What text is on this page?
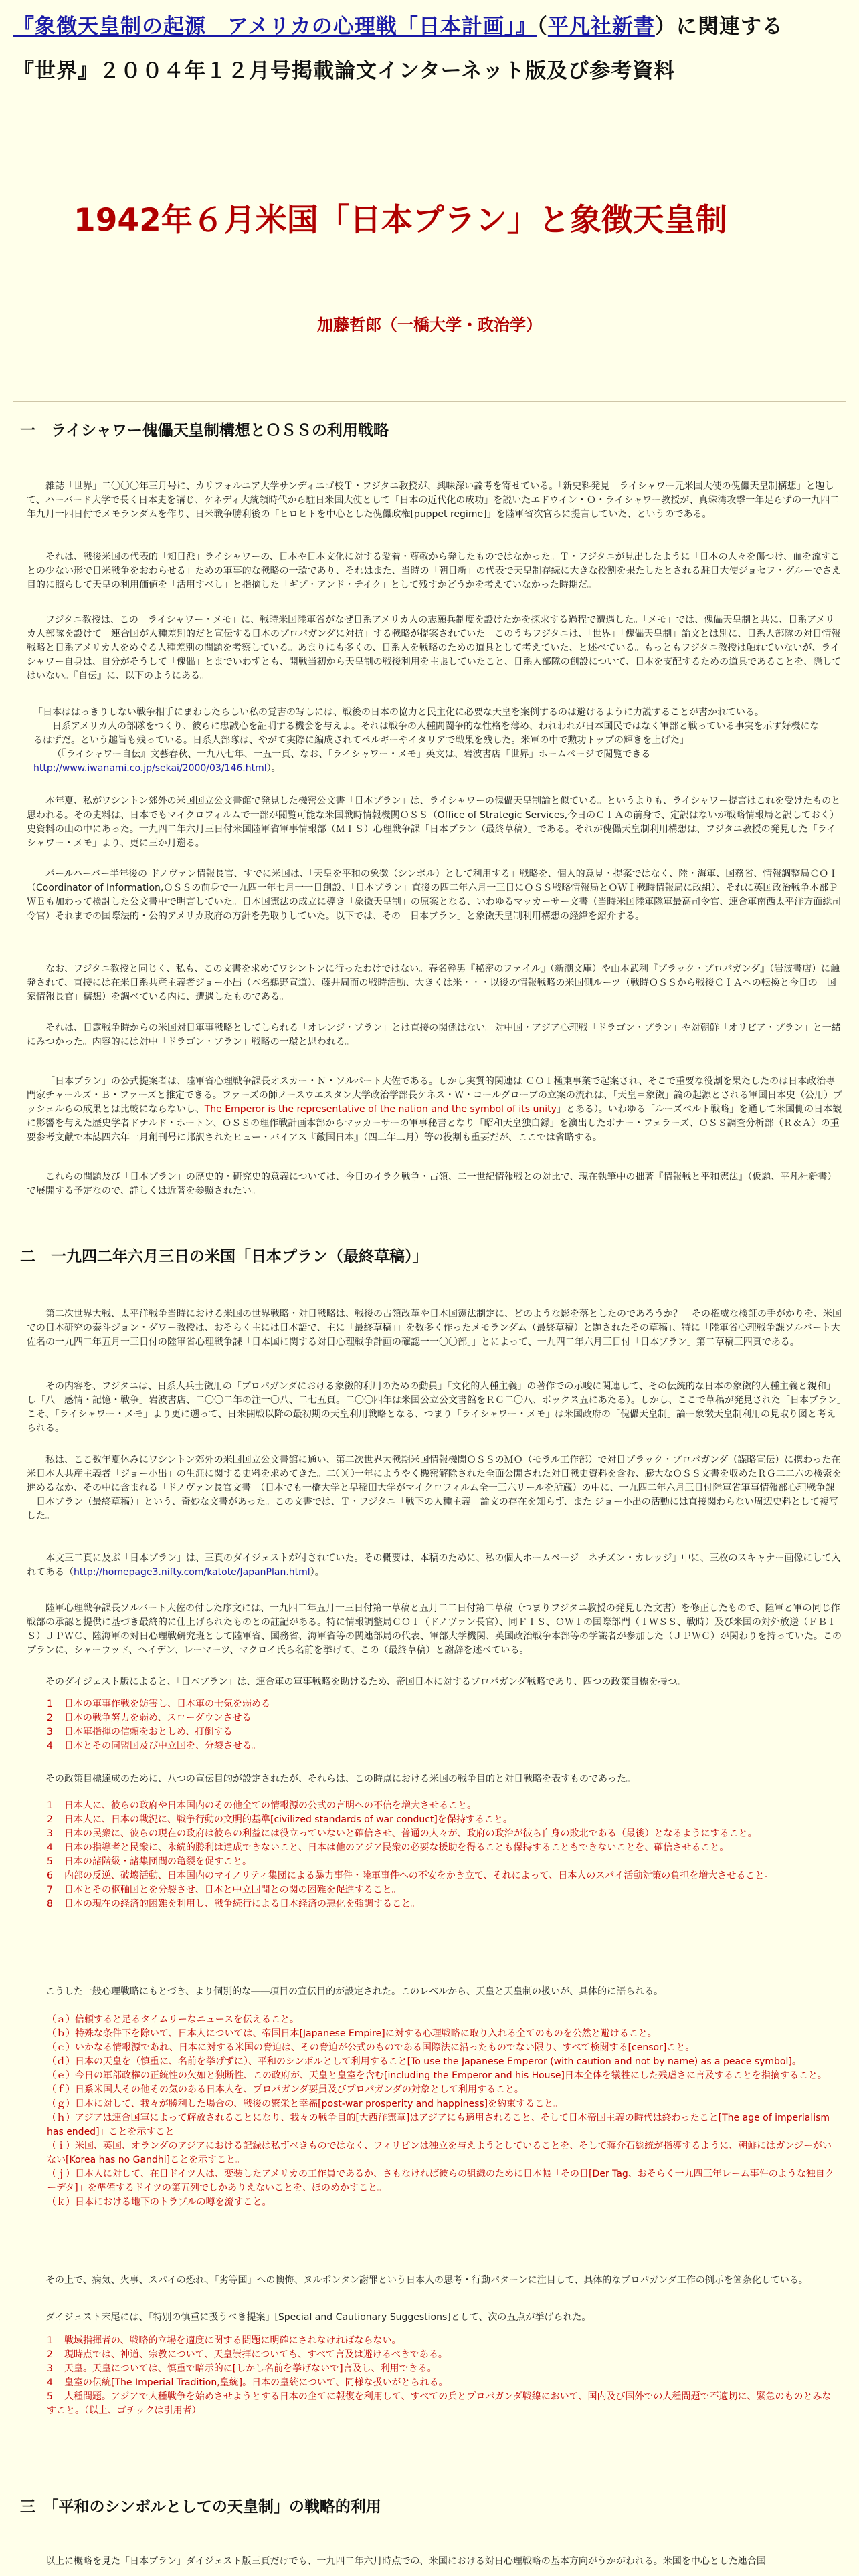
『象徴天皇制の起源　アメリカの心理戦「日本計画」』（平凡社新書）に関連する
『世界』２００４年１２月号掲載論文インターネット版及び参考資料
1942年６月米国「日本プラン」と象徴天皇制
加藤哲郎（一橋大学・政治学）
一　ライシャワー傀儡天皇制構想とＯＳＳの利用戦略
雑誌「世界」二〇〇〇年三月号に、カリフォルニア大学サンディエゴ校Ｔ・フジタニ教授が、興味深い論考を寄せている。「新史料発見　ライシャワー元米国大使の傀儡天皇制構想」と題して、ハーバード大学で長く日本史を講じ、ケネディ大統領時代から駐日米国大使として「日本の近代化の成功」を説いたエドウイン・Ｏ・ライシャワー教授が、真珠湾攻撃一年足らずの一九四二年九月一四日付でメモランダムを作り、日米戦争勝利後の「ヒロヒトを中心とした傀儡政権[puppet regime]」を陸軍省次官らに提言していた、というのである。
それは、戦後米国の代表的「知日派」ライシャワーの、日本や日本文化に対する愛着・尊敬から発したものではなかった。Ｔ・フジタニが見出したように「日本の人々を傷つけ、血を流すことの少ない形で日米戦争をおわらせる」ための軍事的な戦略の一環であり、それはまた、当時の「朝日新」の代表で天皇制存続に大きな役割を果たしたとされる駐日大使ジョセフ・グルーでさえ目的に照らして天皇の利用価値を「活用すべし」と指摘した「ギブ・アンド・テイク」として残すかどうかを考えていなかった時期だ。
フジタニ教授は、この「ライシャワー・メモ」に、戦時米国陸軍省がなぜ日系アメリカ人の志願兵制度を設けたかを探求する過程で遭遇した。「メモ」では、傀儡天皇制と共に、日系アメリカ人部隊を設けて「連合国が人種差別的だと宣伝する日本のプロパガンダに対抗」する戦略が提案されていた。このうちフジタニは、「世界」「傀儡天皇制」論文とは別に、日系人部隊の対日情報戦略と日系アメリカ人をめぐる人種差別の問題を考察している。あまりにも多くの、日系人を戦略のための道具として考えていた、と述べている。もっともフジタニ教授は触れていないが、ライシャワー自身は、自分がそうして「傀儡」とまでいわずとも、開戦当初から天皇制の戦後利用を主張していたこと、日系人部隊の創設について、日本を支配するための道具であることを、隠してはいない。『自伝』に、以下のようにある。
「日本ははっきりしない戦争相手にまわしたらしい私の覚書の写しには、戦後の日本の協力と民主化に必要な天皇を案例するのは避けるように力説することが書かれている。
日系アメリカ人の部隊をつくり、彼らに忠誠心を証明する機会を与えよ。それは戦争の人種間闘争的な性格を薄め、われわれが日本国民ではなく軍部と戦っている事実を示す好機になるはずだ。という趣旨も残っている。日系人部隊は、やがて実際に編成されてペルギーやイタリアで戦果を残した。米軍の中で勲功トップの輝きを上げた」
（『ライシャワー自伝』文藝春秋、一九八七年、一五一頁、なお、「ライシャワー・メモ」英文は、岩波書店「世界」ホームページで閲覧できるhttp://www.iwanami.co.jp/sekai/2000/03/146.html）。
本年夏、私がワシントン郊外の米国国立公文書館で発見した機密公文書「日本プラン」は、ライシャワーの傀儡天皇制論と似ている。というよりも、ライシャワー提言はこれを受けたものと思われる。その史料は、日本でもマイクロフィルムで一部が閲覧可能な米国戦時情報機関ＯＳＳ（Office of Strategic Services,今日のＣＩＡの前身で、定訳はないが戦略情報局と訳しておく）史資料の山の中にあった。一九四二年六月三日付米国陸軍省軍事情報部（ＭＩＳ）心理戦争課「日本プラン（最終草稿）」である。それが傀儡天皇制利用構想は、フジタニ教授の発見した「ライシャワー・メモ」より、更に三か月遡る。
パールハーバー半年後の ドノヴァン情報長官、すでに米国は、「天皇を平和の象徴（シンボル）として利用する」戦略を、個人的意見・提案ではなく、陸・海軍、国務省、情報調整局ＣＯＩ（Coordinator of Information,ＯＳＳの前身で一九四一年七月一一日創設、「日本プラン」直後の四二年六月一三日にＯＳＳ戦略情報局とＯＷＩ戦時情報局に改組）、それに英国政治戦争本部ＰＷＥも加わって検討した公文書中で明言していた。日本国憲法の成立に導き「象徴天皇制」の原案となる、いわゆるマッカーサー文書（当時米国陸軍隊軍最高司令官、連合軍南西太平洋方面総司令官）それまでの国際法的・公的アメリカ政府の方針を先取りしていた。以下では、その「日本プラン」と象徴天皇制利用構想の経緯を紹介する。
なお、フジタニ教授と同じく、私も、この文書を求めてワシントンに行ったわけではない。春名幹男『秘密のファイル』（新潮文庫）や山本武利『ブラック・プロパガンダ』（岩波書店）に触発されて、直接には在米日系共産主義者ジョー小出（本名鵜野宣道）、藤井周而の戦時活動、大きくは米・・・以後の情報戦略の米国側ルーツ（戦時ＯＳＳから戦後ＣＩＡへの転換と今日の「国家情報長官」構想）を調べている内に、遭遇したものである。
それは、日露戦争時からの米国対日軍事戦略としてしられる「オレンジ・プラン」とは直接の関係はない。対中国・アジア心理戦「ドラゴン・プラン」や対朝鮮「オリビア・プラン」と一緒にみつかった。内容的には対中「ドラゴン・プラン」戦略の一環と思われる。
「日本プラン」の公式提案者は、陸軍省心理戦争課長オスカー・Ｎ・ソルバート大佐である。しかし実質的関連は ＣＯＩ極東事業で起案され、そこで重要な役割を果たしたのは日本政治専門家チャールズ・Ｂ・ファーズと推定できる。ファーズの師ノースウエスタン大学政治学部長ケネス・Ｗ・コールグローブの立案の流れは、「天皇＝象徴」論の起源とされる軍国日本史（公用）ブッシェルらの成果とは比較にならないし、The Emperor is the representative of the nation and the symbol of its unity」とある）。いわゆる「ルーズベルト戦略」を通して米国側の日本観に影響を与えた歴史学者ドナルド・ホートン、ＯＳＳの理作戦計画本部からマッカーサーの軍事秘書となり「昭和天皇独白録」を演出したボナー・フェラーズ、ＯＳＳ調査分析部（Ｒ＆Ａ）の重要参考文献で本誌四六年一月創刊号に邦訳されたヒュー・バイアス『敵国日本』（四二年二月）等の役割も重要だが、ここでは省略する。
これらの問題及び「日本プラン」の歴史的・研究史的意義については、今日のイラク戦争・占領、二一世紀情報戦との対比で、現在執筆中の拙著『情報戦と平和憲法』（仮題、平凡社新書）で展開する予定なので、詳しくは近著を参照されたい。
二　一九四二年六月三日の米国「日本プラン（最終草稿）」
第二次世界大戦、太平洋戦争当時における米国の世界戦略・対日戦略は、戦後の占領改革や日本国憲法制定に、どのような影を落としたのであろうか？　その権威な検証の手がかりを、米国での日本研究の泰斗ジョン・ダワー教授は、おそらく主には日本語で、主に「最終草稿」」を数多く作ったメモランダム（最終草稿）と題されたその草稿」、特に「陸軍省心理戦争課ソルバート大佐名の一九四二年五月一三日付の陸軍省心理戦争課「日本国に関する対日心理戦争計画の確認一一〇〇部」」とによって、一九四二年六月三日付「日本プラン」第二草稿三四頁である。
その内容を、フジタニは、日系人兵士徴用の「プロパガンダにおける象徴的利用のための動員」「文化的人種主義」の著作での示唆に関連して、その伝統的な日本の象徴的人種主義と親和」し「八　感情・記憶・戦争」岩波書店、二〇〇二年の注一〇八、二七五頁。二〇〇四年は米国公立公文書館をＲＧ二〇八、ボックス五にあたる）。しかし、ここで草稿が発見された「日本プラン」こそ、「ライシャワー・メモ」より更に遡って、日米開戦以降の最初期の天皇利用戦略となる、つまり「ライシャワー・メモ」は米国政府の「傀儡天皇制」論ー象徴天皇制利用の見取り図と考えられる。
私は、ここ数年夏休みにワシントン郊外の米国国立公文書館に通い、第二次世界大戦期米国情報機関ＯＳＳのＭＯ（モラル工作部）で対日ブラック・プロパガンダ（謀略宣伝）に携わった在米日本人共産主義者「ジョー小出」の生涯に関する史料を求めてきた。二〇〇一年にようやく機密解除された全面公開された対日戦史資料を含む、膨大なＯＳＳ文書を収めたＲＧ二二六の検索を進めるなか、その中に含まれる「ドノヴァン長官文書」（日本でも一橋大学と早稲田大学がマイクロフィルム全一三六リールを所蔵）の中に、一九四二年六月三日付陸軍省軍事情報部心理戦争課「日本プラン（最終草稿）」という、奇妙な文書があった。この文書では、Ｔ・フジタニ「戦下の人種主義」論文の存在を知らず、また ジョー小出の活動には直接関わらない周辺史料として複写した。
本文三二頁に及ぶ「日本プラン」は、三頁のダイジェストが付されていた。その概要は、本稿のために、私の個人ホームページ「ネチズン・カレッジ」中に、三枚のスキャナー画像にして入れてある（http://homepage3.nifty.com/katote/JapanPlan.html）。
陸軍心理戦争課長ソルバート大佐の付した序文には、一九四二年五月一三日付第一草稿と五月二二日付第二草稿（つまりフジタニ教授の発見した文書）を修正したもので、陸軍と軍の同じ作戦部の承認と提供に基づき最終的に仕上げられたものとの註記がある。特に情報調整局ＣＯＩ（ドノヴァン長官）、同ＦＩＳ、ＯＷＩの国際部門（ＩＷＳＳ、戦時）及び米国の対外放送（ＦＢＩＳ）ＪＰＷＣ、陸海軍の対日心理戦研究班として陸軍省、国務省、海軍省等の関連部局の代表、軍部大学機関、英国政治戦争本部等の学識者が参加した（ＪＰＷＣ）が関わりを持っていた。このプランに、シャーウッド、ヘイデン、レーマーツ、マクロイ氏ら名前を挙げて、この（最終草稿）と謝辞を述べている。
そのダイジェスト版によると、「日本プラン」は、連合軍の軍事戦略を助けるため、帝国日本に対するプロパガンダ戦略であり、四つの政策目標を持つ。
1 日本の軍事作戦を妨害し、日本軍の士気を弱める
2 日本の戦争努力を弱め、スローダウンさせる。
3 日本軍指揮の信頼をおとしめ、打倒する。
4 日本とその同盟国及び中立国を、分裂させる。
その政策目標達成のために、八つの宣伝目的が設定されたが、それらは、この時点における米国の戦争目的と対日戦略を表すものであった。
1 日本人に、彼らの政府や日本国内のその他全ての情報源の公式の言明への不信を増大させること。
2 日本人に、日本の戦況に、戦争行動の文明的基準[civilized standards of war conduct]を保持すること。
3 日本の民衆に、彼らの現在の政府は彼らの利益には役立っていないと確信させ、普通の人々が、政府の政治が彼ら自身の敗北である（最後）となるようにすること。
4 日本の指導者と民衆に、永続的勝利は達成できないこと、日本は他のアジア民衆の必要な援助を得ることも保持することもできないことを、確信させること。
5 日本の諸階級・諸集団間の亀裂を促すこと。
6 内部の反逆、破壊活動、日本国内のマイノリティ集団による暴力事件・陸軍事件への不安をかき立て、それによって、日本人のスパイ活動対策の負担を増大させること。
7 日本とその枢軸国とを分裂させ、日本と中立国間との関の困難を促進すること。
8 日本の現在の経済的困難を利用し、戦争続行による日本経済の悪化を強調すること。
こうした一般心理戦略にもとづき、より個別的な――項目の宣伝目的が設定された。このレベルから、天皇と天皇制の扱いが、具体的に語られる。
（ａ）信頼すると足るタイムリーなニュースを伝えること。
（ｂ）特殊な条件下を除いて、日本人については、帝国日本[Japanese Empire]に対する心理戦略に取り入れる全てのものを公然と避けること。
（ｃ）いかなる情報源であれ、日本に対する米国の脅迫は、その脅迫が公式のものである国際法に沿ったものでない限り、すべて検閲する[censor]こと。
（ｄ）日本の天皇を（慎重に、名前を挙げずに）、平和のシンボルとして利用すること[To use the Japanese Emperor (with caution and not by name) as a peace symbol]。
（ｅ）今日の軍部政権の正統性の欠如と独断性、この政府が、天皇と皇室を含む[including the Emperor and his House]日本全体を犠牲にした残虐さに言及することを指摘すること。
（ｆ）日系米国人その他その気のある日本人を、プロパガンダ要員及びプロパガンダの対象として利用すること。
（ｇ）日本に対して、我々が勝利した場合の、戦後の繁栄と幸福[post-war prosperity and happiness]を約束すること。
（ｈ）アジアは連合国軍によって解放されることになり、我々の戦争目的[大西洋憲章]はアジアにも適用されること、そして日本帝国主義の時代は終わったこと[The age of imperialism has ended]」ことを示すこと。
（ｉ）米国、英国、オランダのアジアにおける記録は私ずべきものではなく、フィリピンは独立を与えようとしていることを、そして蒋介石総統が指導するように、朝鮮にはガンジーがいない[Korea has no Gandhi]ことを示すこと。
（ｊ）日本人に対して、在日ドイツ人は、変装したアメリカの工作員であるか、さもなければ彼らの組織のために日本帳「その日[Der Tag、おそらく一九四三年レーム事件のような独自クーデタ]」を準備するドイツの第五列でしかありえないことを、ほのめかすこと。
（ｋ）日本における地下のトラブルの噂を流すこと。
その上で、病気、火事、スパイの恐れ、「劣等国」への懊悔、ヌルポンタン謝罪という日本人の思考・行動パターンに注目して、具体的なプロパガンダ工作の例示を箇条化している。
ダイジェスト末尾には、「特別の慎重に扱うべき提案」[Special and Cautionary Suggestions]として、次の五点が挙げられた。
1 戦域指揮者の、戦略的立場を適度に関する問題に明確にされなければならない。
2 現時点では、神道、宗教について、天皇崇拝についても、すべて言及は避けるべきである。
3 天皇。天皇については、慎重で暗示的に[しかし名前を挙げないで]言及し、利用できる。
4 皇室の伝統[The Imperial Tradition,皇統]。日本の皇統について、同様な扱いがとられる。
5 人種問題。アジアで人種戦争を始めさせようとする日本の企てに報復を利用して、すべての兵とプロパガンダ戦線において、国内及び国外での人種問題で不適切に、緊急のものとみなすこと。（以上、ゴチックは引用者）
三　「平和のシンボルとしての天皇制」の戦略的利用
以上に概略を見た「日本プラン」ダイジェスト版三頁だけでも、一九四二年六月時点での、米国における対日心理戦略の基本方向がうかがわれる。米国を中心とした連合国
